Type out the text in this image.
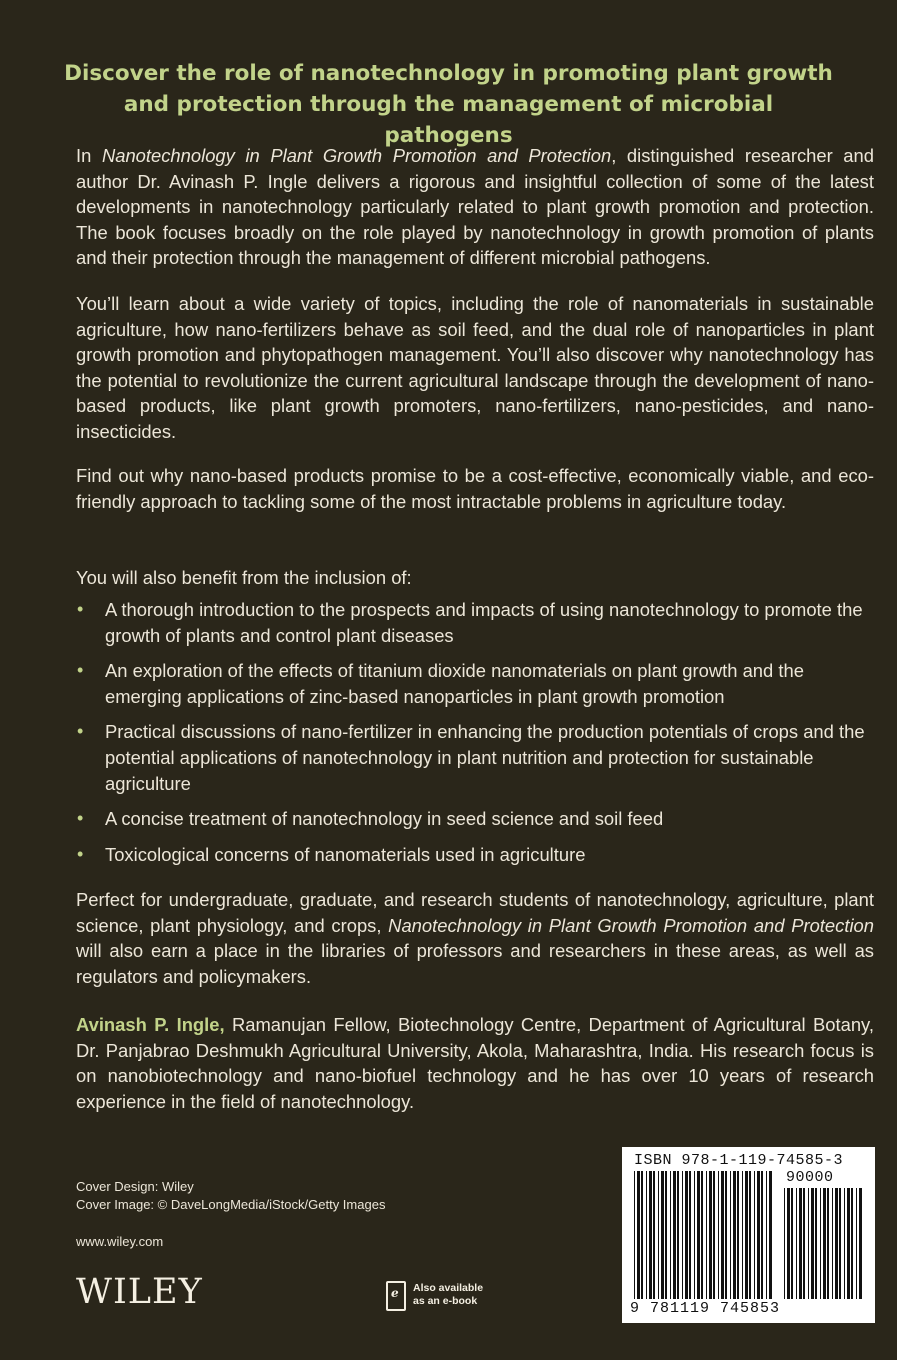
Discover the role of nanotechnology in promoting plant growth and protection through the management of microbial pathogens

In Nanotechnology in Plant Growth Promotion and Protection, distinguished researcher and author Dr. Avinash P. Ingle delivers a rigorous and insightful collection of some of the latest developments in nanotechnology particularly related to plant growth promotion and protection. The book focuses broadly on the role played by nanotechnology in growth promotion of plants and their protection through the management of different microbial pathogens.

You’ll learn about a wide variety of topics, including the role of nanomaterials in sustainable agriculture, how nano-fertilizers behave as soil feed, and the dual role of nanoparticles in plant growth promotion and phytopathogen management. You’ll also discover why nanotechnology has the potential to revolutionize the current agricultural landscape through the development of nano-based products, like plant growth promoters, nano-fertilizers, nano-pesticides, and nano-insecticides.

Find out why nano-based products promise to be a cost-effective, economically viable, and eco-friendly approach to tackling some of the most intractable problems in agriculture today.

You will also benefit from the inclusion of:

• A thorough introduction to the prospects and impacts of using nanotechnology to promote the growth of plants and control plant diseases
• An exploration of the effects of titanium dioxide nanomaterials on plant growth and the emerging applications of zinc-based nanoparticles in plant growth promotion
• Practical discussions of nano-fertilizer in enhancing the production potentials of crops and the potential applications of nanotechnology in plant nutrition and protection for sustainable agriculture
• A concise treatment of nanotechnology in seed science and soil feed
• Toxicological concerns of nanomaterials used in agriculture

Perfect for undergraduate, graduate, and research students of nanotechnology, agriculture, plant science, plant physiology, and crops, Nanotechnology in Plant Growth Promotion and Protection will also earn a place in the libraries of professors and researchers in these areas, as well as regulators and policymakers.

Avinash P. Ingle, Ramanujan Fellow, Biotechnology Centre, Department of Agricultural Botany, Dr. Panjabrao Deshmukh Agricultural University, Akola, Maharashtra, India. His research focus is on nanobiotechnology and nano-biofuel technology and he has over 10 years of research experience in the field of nanotechnology.

Cover Design: Wiley
Cover Image: © DaveLongMedia/iStock/Getty Images
www.wiley.com
WILEY	e Also available
as an e-book
ISBN 978-1-119-74585-3
90000
9 781119 745853
